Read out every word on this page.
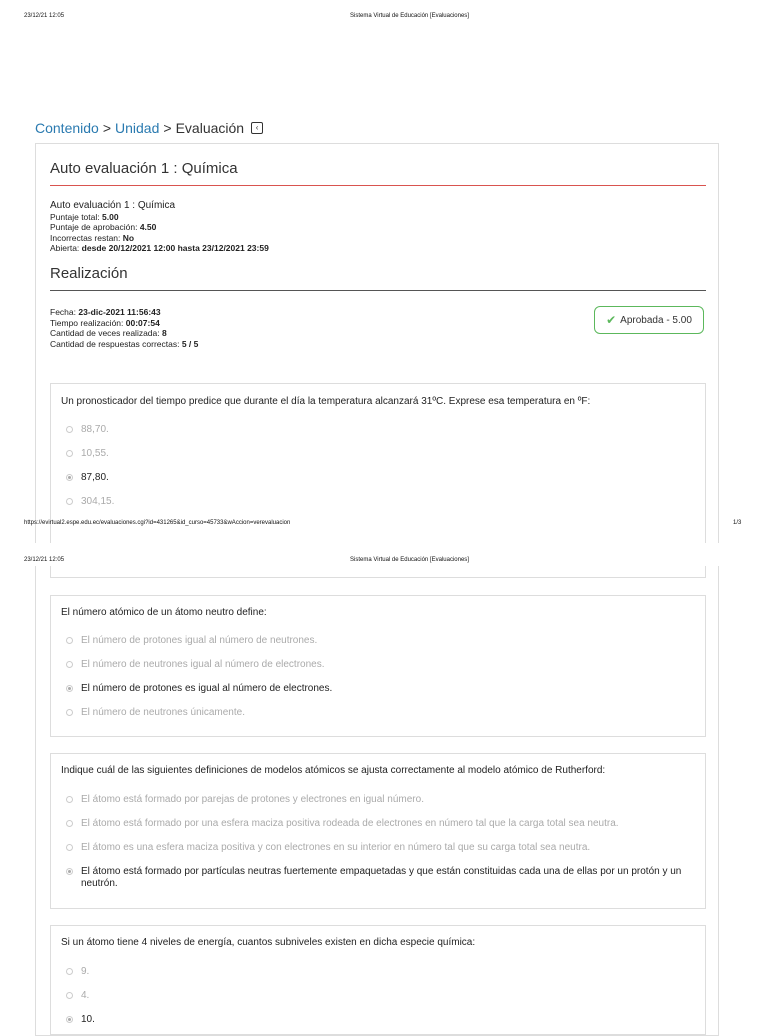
23/12/21 12:05	Sistema Virtual de Educación [Evaluaciones]
Contenido > Unidad > Evaluación	‹
Auto evaluación 1 : Química
Auto evaluación 1 : Química
Puntaje total: 5.00
Puntaje de aprobación: 4.50
Incorrectas restan: No
Abierta: desde 20/12/2021 12:00 hasta 23/12/2021 23:59
Realización
Fecha: 23-dic-2021 11:56:43
Tiempo realización: 00:07:54
Cantidad de veces realizada: 8
Cantidad de respuestas correctas: 5 / 5
✔ Aprobada - 5.00
Un pronosticador del tiempo predice que durante el día la temperatura alcanzará 31ºC. Exprese esa temperatura en ºF:
88,70.
10,55.
87,80.
304,15.
https://evirtual2.espe.edu.ec/evaluaciones.cgi?id=431265&id_curso=45733&wAccion=verevaluacion	1/3
23/12/21 12:05	Sistema Virtual de Educación [Evaluaciones]
El número atómico de un átomo neutro define:
El número de protones igual al número de neutrones.
El número de neutrones igual al número de electrones.
El número de protones es igual al número de electrones.
El número de neutrones únicamente.
Indique cuál de las siguientes definiciones de modelos atómicos se ajusta correctamente al modelo atómico de Rutherford:
El átomo está formado por parejas de protones y electrones en igual número.
El átomo está formado por una esfera maciza positiva rodeada de electrones en número tal que la carga total sea neutra.
El átomo es una esfera maciza positiva y con electrones en su interior en número tal que su carga total sea neutra.
El átomo está formado por partículas neutras fuertemente empaquetadas y que están constituidas cada una de ellas por un protón y un neutrón.
Si un átomo tiene 4 niveles de energía, cuantos subniveles existen en dicha especie química:
9.
4.
10.
